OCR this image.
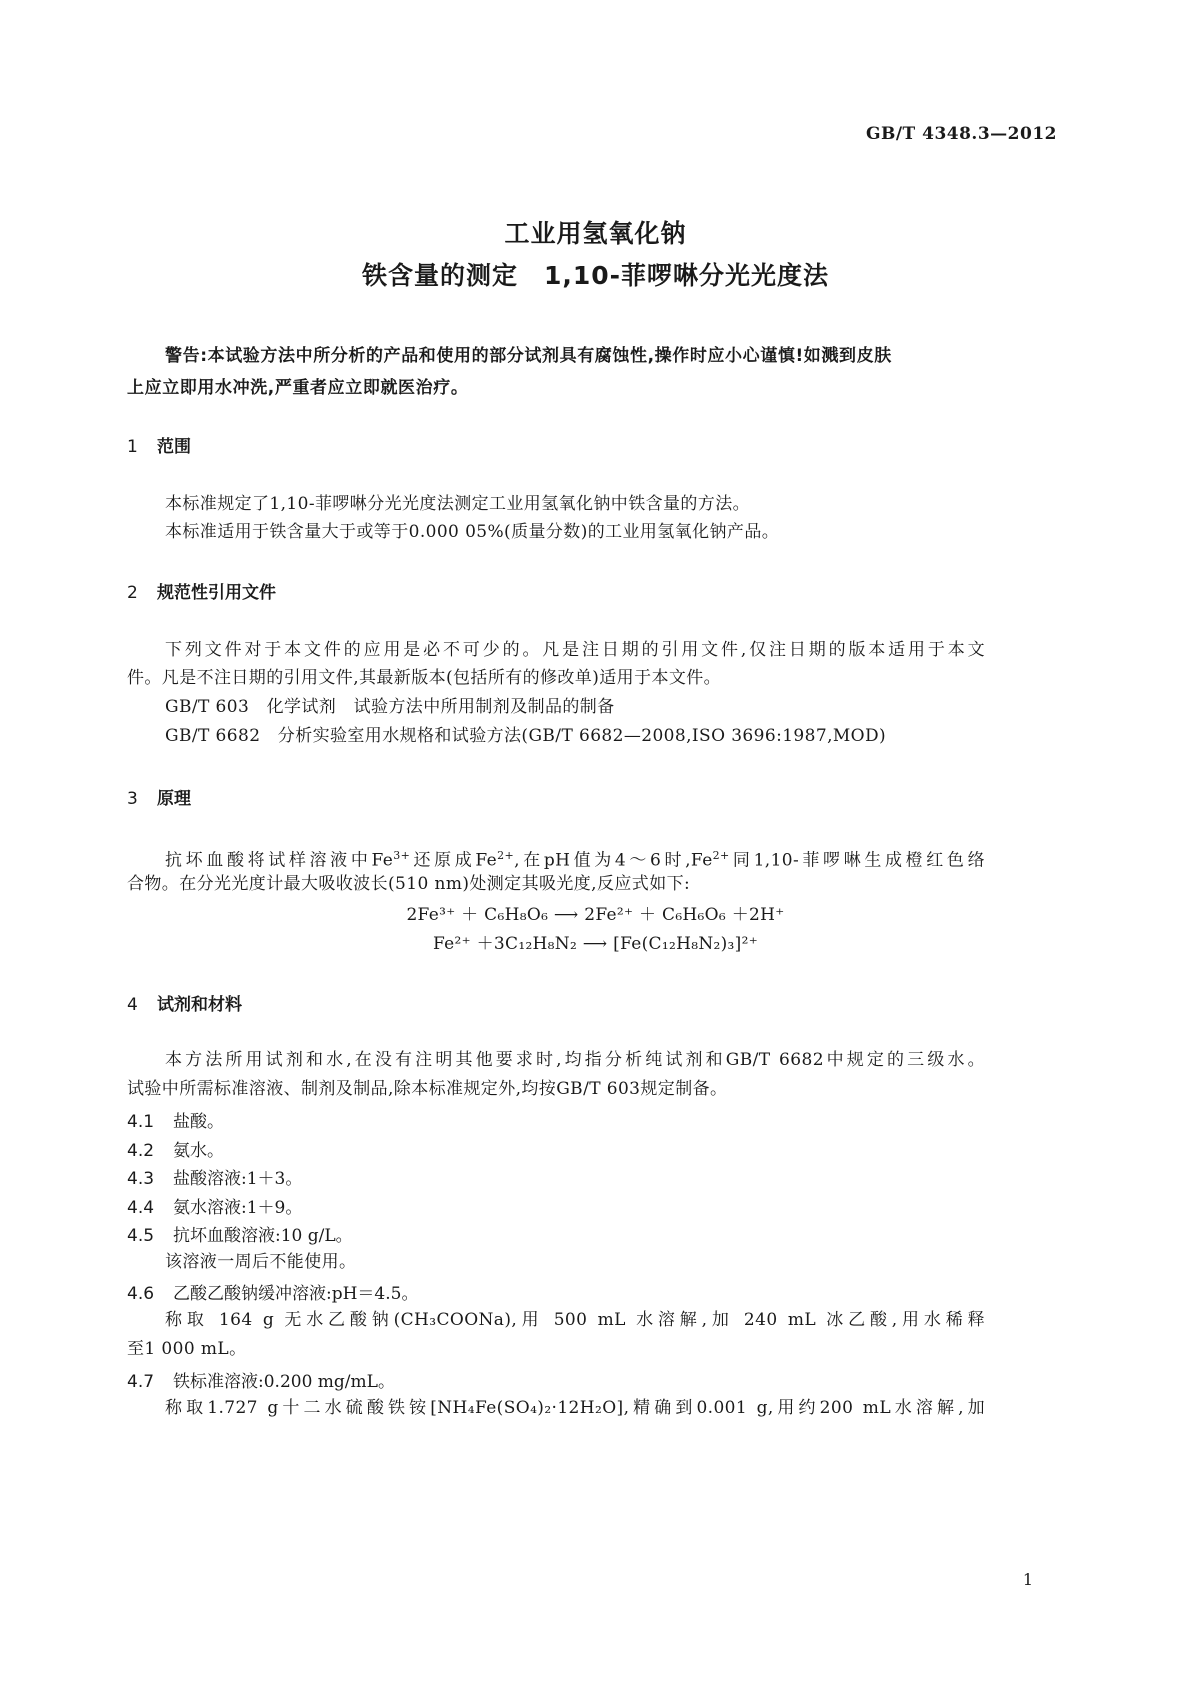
GB/T 4348.3—2012
工业用氢氧化钠
铁含量的测定　1,10-菲啰啉分光光度法
警告:本试验方法中所分析的产品和使用的部分试剂具有腐蚀性,操作时应小心谨慎!如溅到皮肤
上应立即用水冲洗,严重者应立即就医治疗。
1 范围
本标准规定了1,10-菲啰啉分光光度法测定工业用氢氧化钠中铁含量的方法。
本标准适用于铁含量大于或等于0.000 05%(质量分数)的工业用氢氧化钠产品。
2 规范性引用文件
下列文件对于本文件的应用是必不可少的。凡是注日期的引用文件,仅注日期的版本适用于本文
件。凡是不注日期的引用文件,其最新版本(包括所有的修改单)适用于本文件。
GB/T 603　化学试剂　试验方法中所用制剂及制品的制备
GB/T 6682　分析实验室用水规格和试验方法(GB/T 6682—2008,ISO 3696:1987,MOD)
3 原理
抗坏血酸将试样溶液中$Fe^{3+}$还原成$Fe^{2+}$,在pH值为4～6时$,Fe^{2+}$同1,10-菲啰啉生成橙红色络
合物。在分光光度计最大吸收波长(510 nm)处测定其吸光度,反应式如下:
2Fe³⁺ ＋ C₆H₈O₆ ⟶ 2Fe²⁺ ＋ C₆H₆O₆ ＋2H⁺
Fe²⁺ ＋3C₁₂H₈N₂ ⟶ [Fe(C₁₂H₈N₂)₃]²⁺
4 试剂和材料
本方法所用试剂和水,在没有注明其他要求时,均指分析纯试剂和GB/T 6682中规定的三级水。
试验中所需标准溶液、制剂及制品,除本标准规定外,均按GB/T 603规定制备。
4.1 盐酸。
4.2 氨水。
4.3 盐酸溶液:1＋3。
4.4 氨水溶液:1＋9。
4.5 抗坏血酸溶液:10 g/L。
该溶液一周后不能使用。
4.6 乙酸乙酸钠缓冲溶液:pH＝4.5。
称取 164 g 无水乙酸钠(CH₃COONa),用 500 mL 水溶解,加 240 mL 冰乙酸,用水稀释
至1 000 mL。
4.7 铁标准溶液:0.200 mg/mL。
称取1.727 g十二水硫酸铁铵[NH₄Fe(SO₄)₂·12H₂O],精确到0.001 g,用约200 mL水溶解,加
1
